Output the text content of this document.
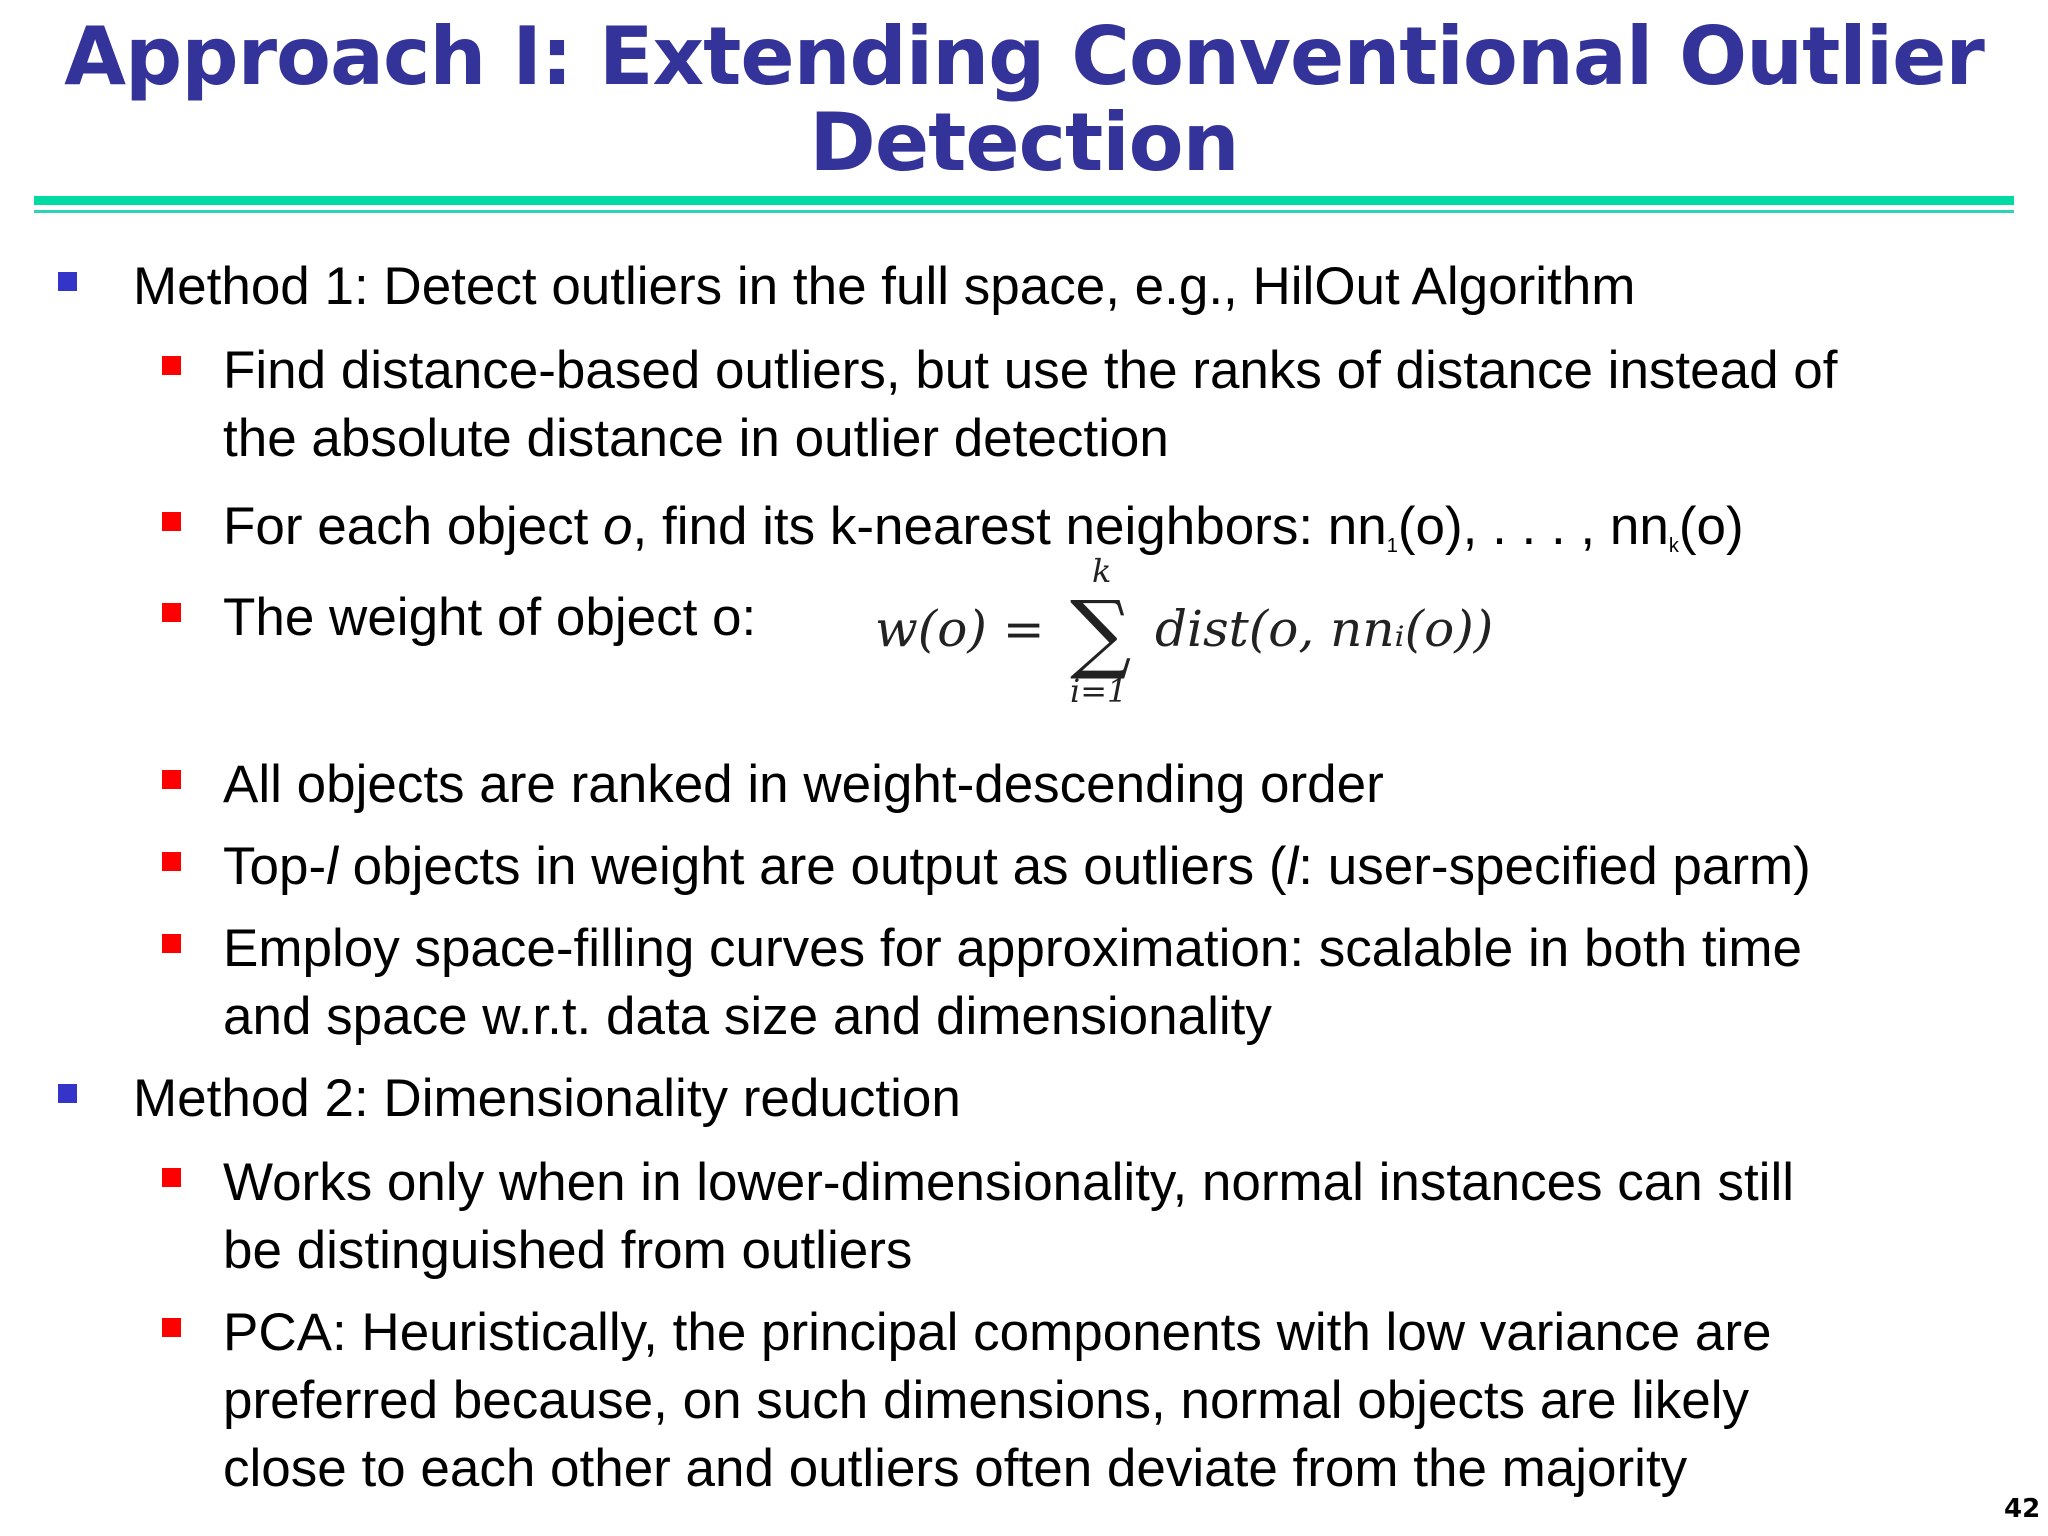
Approach I: Extending Conventional Outlier Detection
Method 1: Detect outliers in the full space, e.g., HilOut Algorithm
Find distance-based outliers, but use the ranks of distance instead of
the absolute distance in outlier detection
For each object o, find its k-nearest neighbors: $nn_1(o)$, . . . , $nn_k(o)$
The weight of object o: w(o) =
k
∑
i=1
dist(o, nnᵢ(o))
All objects are ranked in weight-descending order
Top-l objects in weight are output as outliers (l: user-specified parm)
Employ space-filling curves for approximation: scalable in both time
and space w.r.t. data size and dimensionality
Method 2: Dimensionality reduction
Works only when in lower-dimensionality, normal instances can still
be distinguished from outliers
PCA: Heuristically, the principal components with low variance are
preferred because, on such dimensions, normal objects are likely
close to each other and outliers often deviate from the majority
42
